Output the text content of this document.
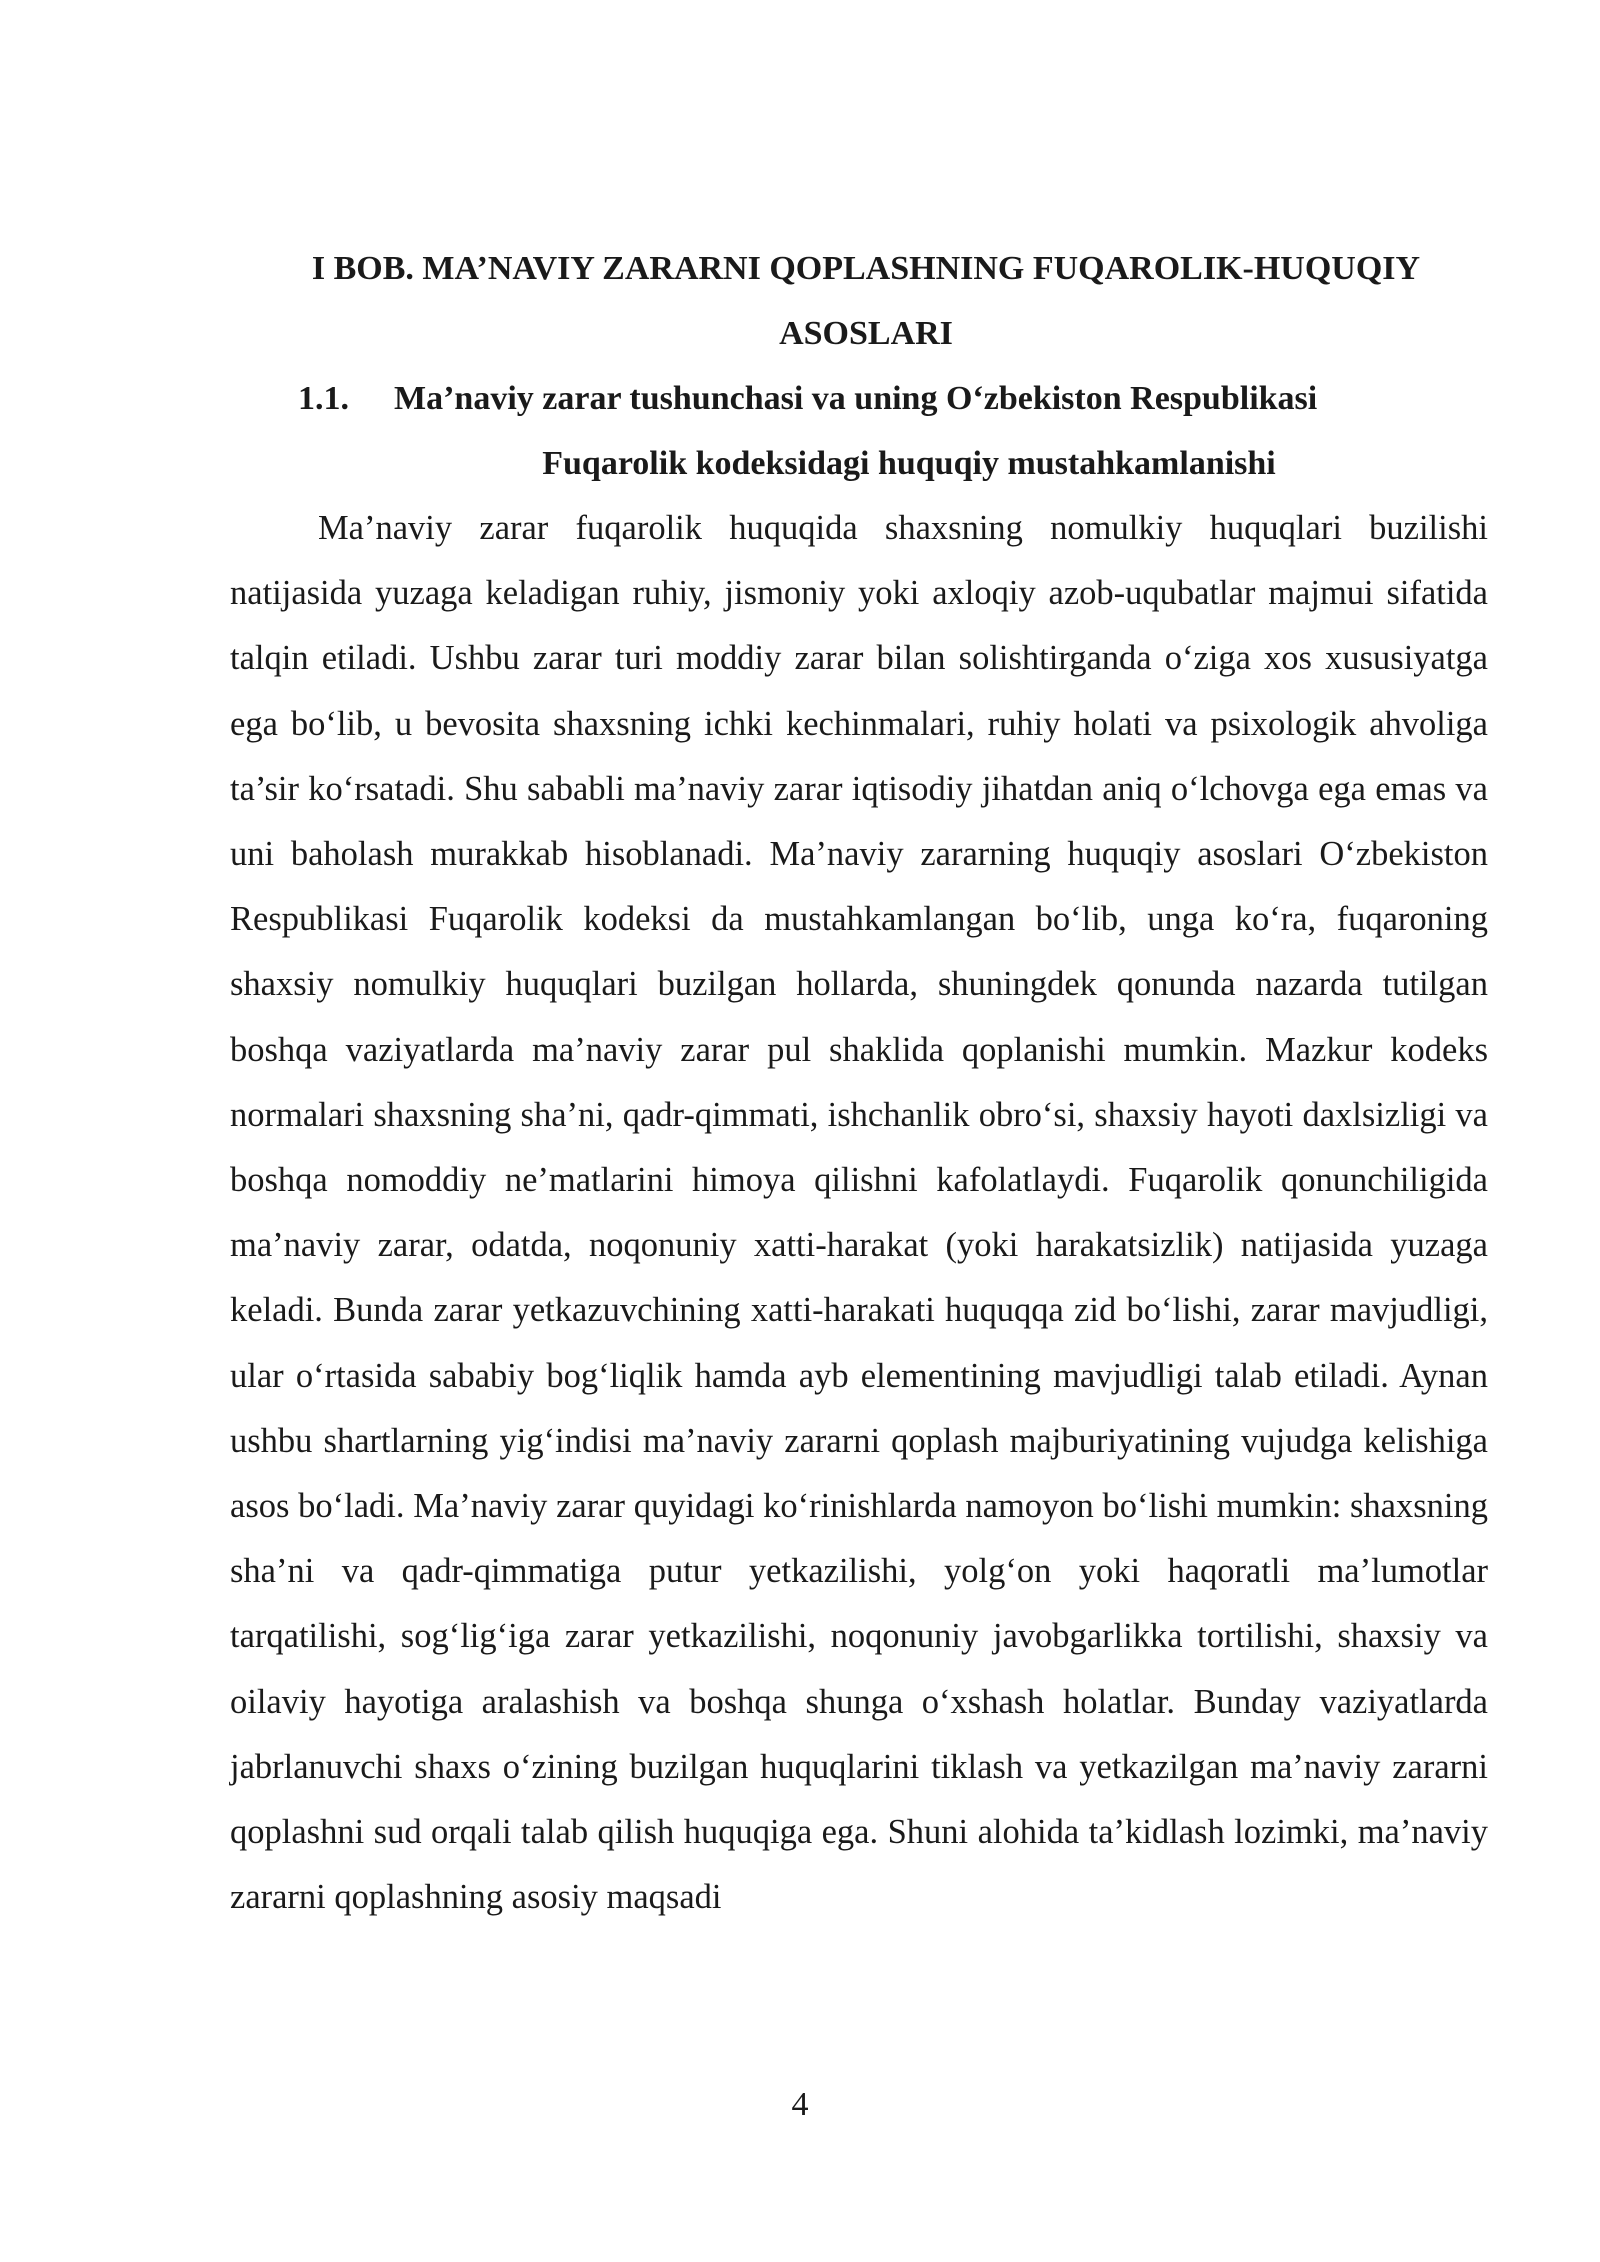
I BOB. MA’NAVIY ZARARNI QOPLASHNING FUQAROLIK-HUQUQIY
ASOSLARI
1.1.	Ma’naviy zarar tushunchasi va uning O‘zbekiston Respublikasi
Fuqarolik kodeksidagi huquqiy mustahkamlanishi

Ma’naviy zarar fuqarolik huquqida shaxsning nomulkiy huquqlari buzilishi natijasida yuzaga keladigan ruhiy, jismoniy yoki axloqiy azob-uqubatlar majmui sifatida talqin etiladi. Ushbu zarar turi moddiy zarar bilan solishtirganda o‘ziga xos xususiyatga ega bo‘lib, u bevosita shaxsning ichki kechinmalari, ruhiy holati va psixologik ahvoliga ta’sir ko‘rsatadi. Shu sababli ma’naviy zarar iqtisodiy jihatdan aniq o‘lchovga ega emas va uni baholash murakkab hisoblanadi. Ma’naviy zararning huquqiy asoslari O‘zbekiston Respublikasi Fuqarolik kodeksi da mustahkamlangan bo‘lib, unga ko‘ra, fuqaroning shaxsiy nomulkiy huquqlari buzilgan hollarda, shuningdek qonunda nazarda tutilgan boshqa vaziyatlarda ma’naviy zarar pul shaklida qoplanishi mumkin. Mazkur kodeks normalari shaxsning sha’ni, qadr-qimmati, ishchanlik obro‘si, shaxsiy hayoti daxlsizligi va boshqa nomoddiy ne’matlarini himoya qilishni kafolatlaydi. Fuqarolik qonunchiligida ma’naviy zarar, odatda, noqonuniy xatti-harakat (yoki harakatsizlik) natijasida yuzaga keladi. Bunda zarar yetkazuvchining xatti-harakati huquqqa zid bo‘lishi, zarar mavjudligi, ular o‘rtasida sababiy bog‘liqlik hamda ayb elementining mavjudligi talab etiladi. Aynan ushbu shartlarning yig‘indisi ma’naviy zararni qoplash majburiyatining vujudga kelishiga asos bo‘ladi. Ma’naviy zarar quyidagi ko‘rinishlarda namoyon bo‘lishi mumkin: shaxsning sha’ni va qadr-qimmatiga putur yetkazilishi, yolg‘on yoki haqoratli ma’lumotlar tarqatilishi, sog‘lig‘iga zarar yetkazilishi, noqonuniy javobgarlikka tortilishi, shaxsiy va oilaviy hayotiga aralashish va boshqa shunga o‘xshash holatlar. Bunday vaziyatlarda jabrlanuvchi shaxs o‘zining buzilgan huquqlarini tiklash va yetkazilgan ma’naviy zararni qoplashni sud orqali talab qilish huquqiga ega. Shuni alohida ta’kidlash lozimki, ma’naviy zararni qoplashning asosiy maqsadi

4
